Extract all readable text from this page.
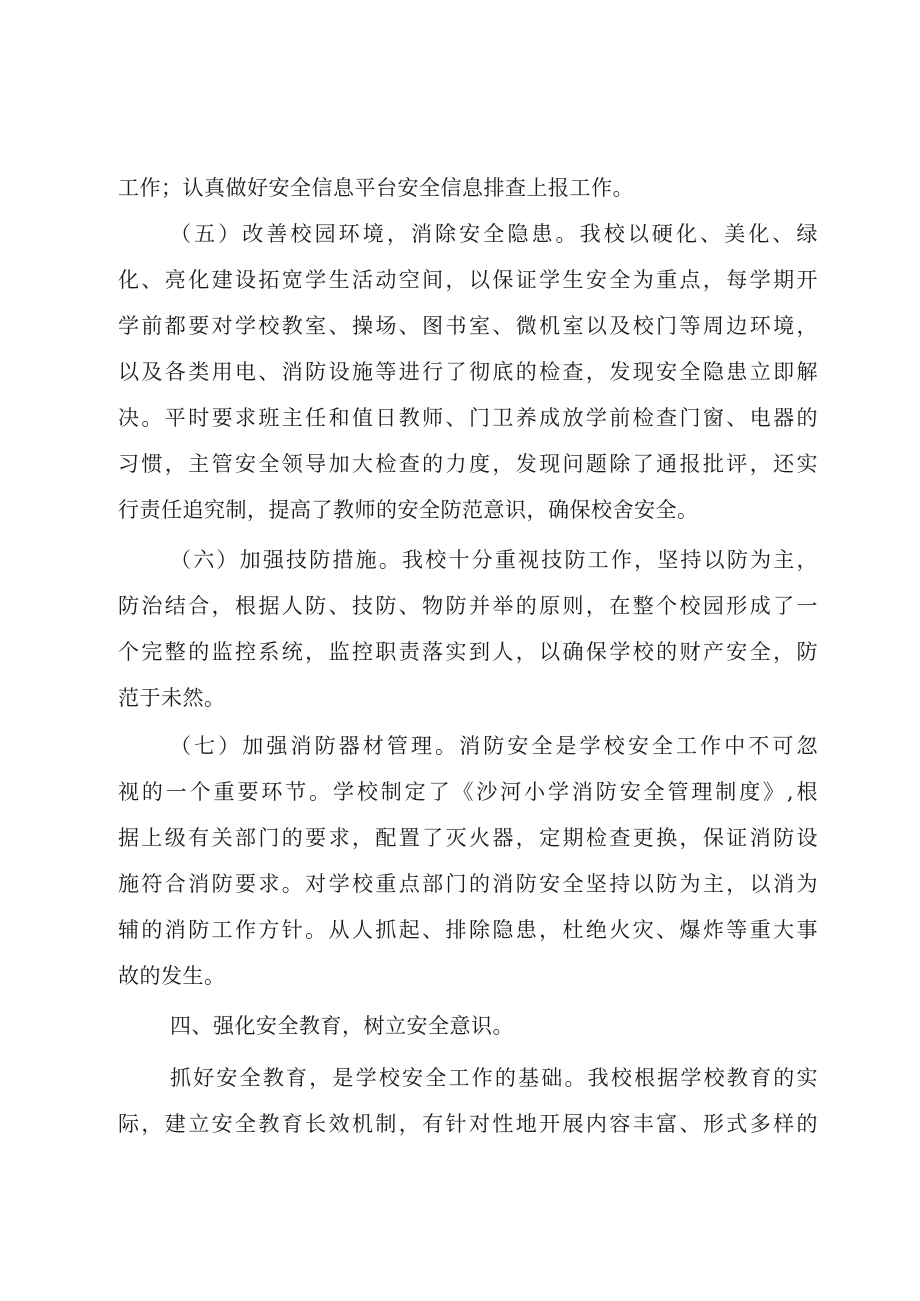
工作；认真做好安全信息平台安全信息排查上报工作。
（五）改善校园环境，消除安全隐患。我校以硬化、美化、绿
化、亮化建设拓宽学生活动空间，以保证学生安全为重点，每学期开
学前都要对学校教室、操场、图书室、微机室以及校门等周边环境，
以及各类用电、消防设施等进行了彻底的检查，发现安全隐患立即解
决。平时要求班主任和值日教师、门卫养成放学前检查门窗、电器的
习惯，主管安全领导加大检查的力度，发现问题除了通报批评，还实
行责任追究制，提高了教师的安全防范意识，确保校舍安全。
（六）加强技防措施。我校十分重视技防工作，坚持以防为主，
防治结合，根据人防、技防、物防并举的原则，在整个校园形成了一
个完整的监控系统，监控职责落实到人，以确保学校的财产安全，防
范于未然。
（七）加强消防器材管理。消防安全是学校安全工作中不可忽
视的一个重要环节。学校制定了《沙河小学消防安全管理制度》,根
据上级有关部门的要求，配置了灭火器，定期检查更换，保证消防设
施符合消防要求。对学校重点部门的消防安全坚持以防为主，以消为
辅的消防工作方针。从人抓起、排除隐患，杜绝火灾、爆炸等重大事
故的发生。
四、强化安全教育，树立安全意识。
抓好安全教育，是学校安全工作的基础。我校根据学校教育的实
际，建立安全教育长效机制，有针对性地开展内容丰富、形式多样的
